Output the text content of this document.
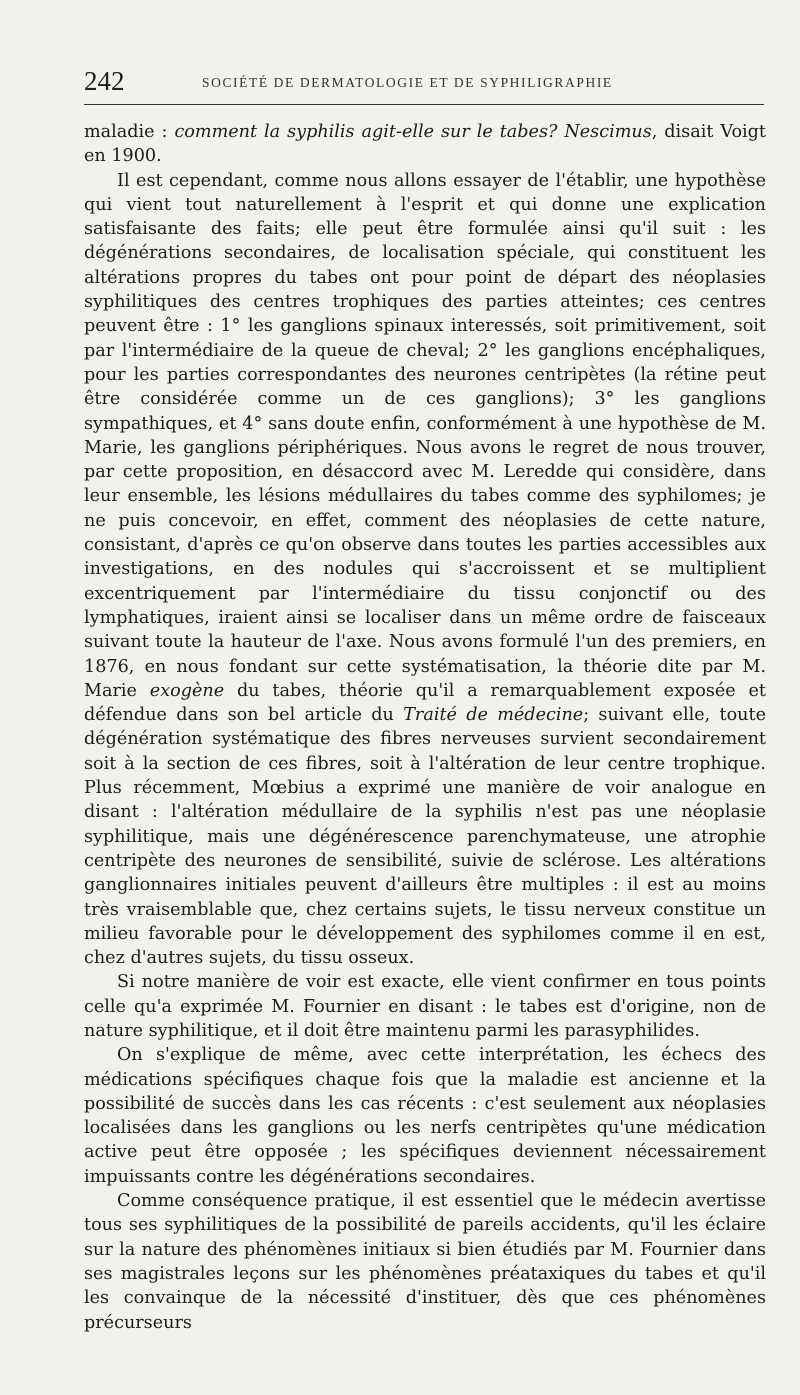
242	SOCIÉTÉ DE DERMATOLOGIE ET DE SYPHILIGRAPHIE

maladie : comment la syphilis agit-elle sur le tabes? Nescimus, disait Voigt en 1900.

Il est cependant, comme nous allons essayer de l'établir, une hypothèse qui vient tout naturellement à l'esprit et qui donne une explication satisfaisante des faits; elle peut être formulée ainsi qu'il suit : les dégénérations secondaires, de localisation spéciale, qui constituent les altérations propres du tabes ont pour point de départ des néoplasies syphilitiques des centres trophiques des parties atteintes; ces centres peuvent être : 1° les ganglions spinaux interessés, soit primitivement, soit par l'intermédiaire de la queue de cheval; 2° les ganglions encéphaliques, pour les parties correspondantes des neurones centripètes (la rétine peut être considérée comme un de ces ganglions); 3° les ganglions sympathiques, et 4° sans doute enfin, conformément à une hypothèse de M. Marie, les ganglions périphériques. Nous avons le regret de nous trouver, par cette proposition, en désaccord avec M. Leredde qui considère, dans leur ensemble, les lésions médullaires du tabes comme des syphilomes; je ne puis concevoir, en effet, comment des néoplasies de cette nature, consistant, d'après ce qu'on observe dans toutes les parties accessibles aux investigations, en des nodules qui s'accroissent et se multiplient excentriquement par l'intermédiaire du tissu conjonctif ou des lymphatiques, iraient ainsi se localiser dans un même ordre de faisceaux suivant toute la hauteur de l'axe. Nous avons formulé l'un des premiers, en 1876, en nous fondant sur cette systématisation, la théorie dite par M. Marie exogène du tabes, théorie qu'il a remarquablement exposée et défendue dans son bel article du Traité de médecine; suivant elle, toute dégénération systématique des fibres nerveuses survient secondairement soit à la section de ces fibres, soit à l'altération de leur centre trophique. Plus récemment, Mœbius a exprimé une manière de voir analogue en disant : l'altération médullaire de la syphilis n'est pas une néoplasie syphilitique, mais une dégénérescence parenchymateuse, une atrophie centripète des neurones de sensibilité, suivie de sclérose. Les altérations ganglionnaires initiales peuvent d'ailleurs être multiples : il est au moins très vraisemblable que, chez certains sujets, le tissu nerveux constitue un milieu favorable pour le développement des syphilomes comme il en est, chez d'autres sujets, du tissu osseux.

Si notre manière de voir est exacte, elle vient confirmer en tous points celle qu'a exprimée M. Fournier en disant : le tabes est d'origine, non de nature syphilitique, et il doit être maintenu parmi les parasyphilides.

On s'explique de même, avec cette interprétation, les échecs des médications spécifiques chaque fois que la maladie est ancienne et la possibilité de succès dans les cas récents : c'est seulement aux néoplasies localisées dans les ganglions ou les nerfs centripètes qu'une médication active peut être opposée ; les spécifiques deviennent nécessairement impuissants contre les dégénérations secondaires.

Comme conséquence pratique, il est essentiel que le médecin avertisse tous ses syphilitiques de la possibilité de pareils accidents, qu'il les éclaire sur la nature des phénomènes initiaux si bien étudiés par M. Fournier dans ses magistrales leçons sur les phénomènes préataxiques du tabes et qu'il les convainque de la nécessité d'instituer, dès que ces phénomènes précurseurs
